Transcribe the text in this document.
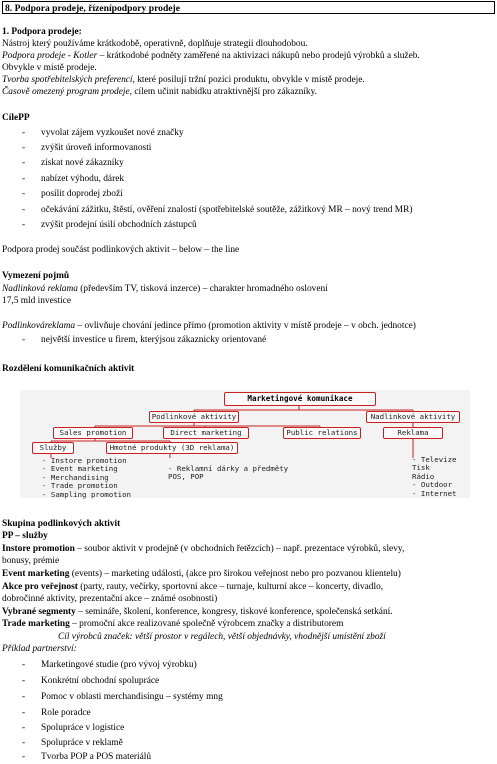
8. Podpora prodeje, řízenípodpory prodeje
1. Podpora prodeje:
Nástroj který používáme krátkodobě, operativně, doplňuje strategii dlouhodobou.
Podpora prodeje - Kotler – krátkodobé podněty zaměřené na aktivizaci nákupů nebo prodejů výrobků a služeb.
Obvykle v místě prodeje.
Tvorba spotřebitelských preferencí, které posilují tržní pozici produktu, obvykle v místě prodeje.
Časově omezený program prodeje, cílem učinit nabídku atraktivnější pro zákazníky.
CílePP
- vyvolat zájem vyzkoušet nové značky
- zvýšit úroveň informovanosti
- získat nové zákazníky
- nabízet výhodu, dárek
- posílit doprodej zboží
- očekávání zážitku, štěstí, ověření znalostí (spotřebitelské soutěže, zážitkový MR – nový trend MR)
- zvýšit prodejní úsilí obchodních zástupců
Podpora prodej součást podlinkových aktivit – below – the line
Vymezení pojmů
Nadlinková reklama (především TV, tisková inzerce) – charakter hromadného oslovení
17,5 mld investice
Podlinkováreklama – ovlivňuje chování jedince přímo (promotion aktivity v místě prodeje – v obch. jednotce)
- největší investice u firem, kterýjsou zákaznicky orientované
Rozdělení komunikačních aktivit
Marketingové komunikace
Podlinkové aktivity	Nadlinkové aktivity
Sales promotion	Direct marketing	Public relations	Reklama
Služby	Hmotné produkty (3D reklama)
- Instore promotion
- Event marketing
- Merchandising
- Trade promotion
- Sampling promotion
- Reklamní dárky a předměty
POS, POP
- Televize
Tisk
Rádio
- Outdoor
- Internet
Skupina podlinkových aktivit
PP – služby
Instore promotion – soubor aktivit v prodejně (v obchodních řetězcích) – např. prezentace výrobků, slevy,
bonusy, prémie
Event marketing (events) – marketing události, (akce pro širokou veřejnost nebo pro pozvanou klientelu)
Akce pro veřejnost (party, rauty, večírky, sportovní akce – turnaje, kulturní akce – koncerty, divadlo,
dobročinné aktivity, prezentační akce – známé osobnosti)
Vybrané segmenty – semináře, školení, konference, kongresy, tiskové konference, společenská setkání.
Trade marketing – promoční akce realizované společně výrobcem značky a distributorem
Cíl výrobců značek: větší prostor v regálech, větší objednávky, vhodnější umístění zboží
Příklad partnerství:
- Marketingové studie (pro vývoj výrobku)
- Konkrétní obchodní spolupráce
- Pomoc v oblasti merchandisingu – systémy mng
- Role poradce
- Spolupráce v logistice
- Spolupráce v reklamě
- Tvorba POP a POS materiálů
